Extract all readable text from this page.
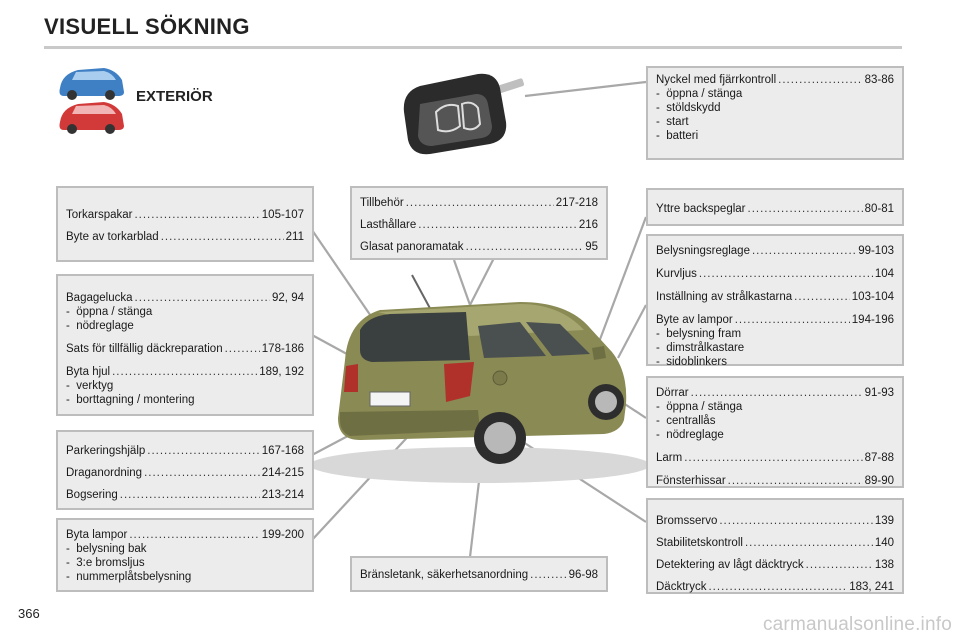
VISUELL SÖKNING
EXTERIÖR
Nyckel med fjärrkontroll .....	83-86
- öppna / stänga
- stöldskydd
- start
- batteri
Torkarspakar .....	105-107
Byte av torkarblad .....	211
Bagagelucka .....	92, 94
- öppna / stänga
- nödreglage
Sats för tillfällig däckreparation .....	178-186
Byta hjul .....	189, 192
- verktyg
- borttagning / montering
Parkeringshjälp .....	167-168
Draganordning .....	214-215
Bogsering .....	213-214
Byta lampor .....	199-200
- belysning bak
- 3:e bromsljus
- nummerplåtsbelysning
Tillbehör .....	217-218
Lasthållare .....	216
Glasat panoramatak .....	95
Bränsletank, säkerhetsanordning .....	96-98
Yttre backspeglar .....	80-81
Belysningsreglage .....	99-103
Kurvljus .....	104
Inställning av strålkastarna .....	103-104
Byte av lampor .....	194-196
- belysning fram
- dimstrålkastare
- sidoblinkers
Dörrar .....	91-93
- öppna / stänga
- centrallås
- nödreglage
Larm .....	87-88
Fönsterhissar .....	89-90
Bromsservo .....	139
Stabilitetskontroll .....	140
Detektering av lågt däcktryck .....	138
Däcktryck .....	183, 241
366
carmanualsonline.info
